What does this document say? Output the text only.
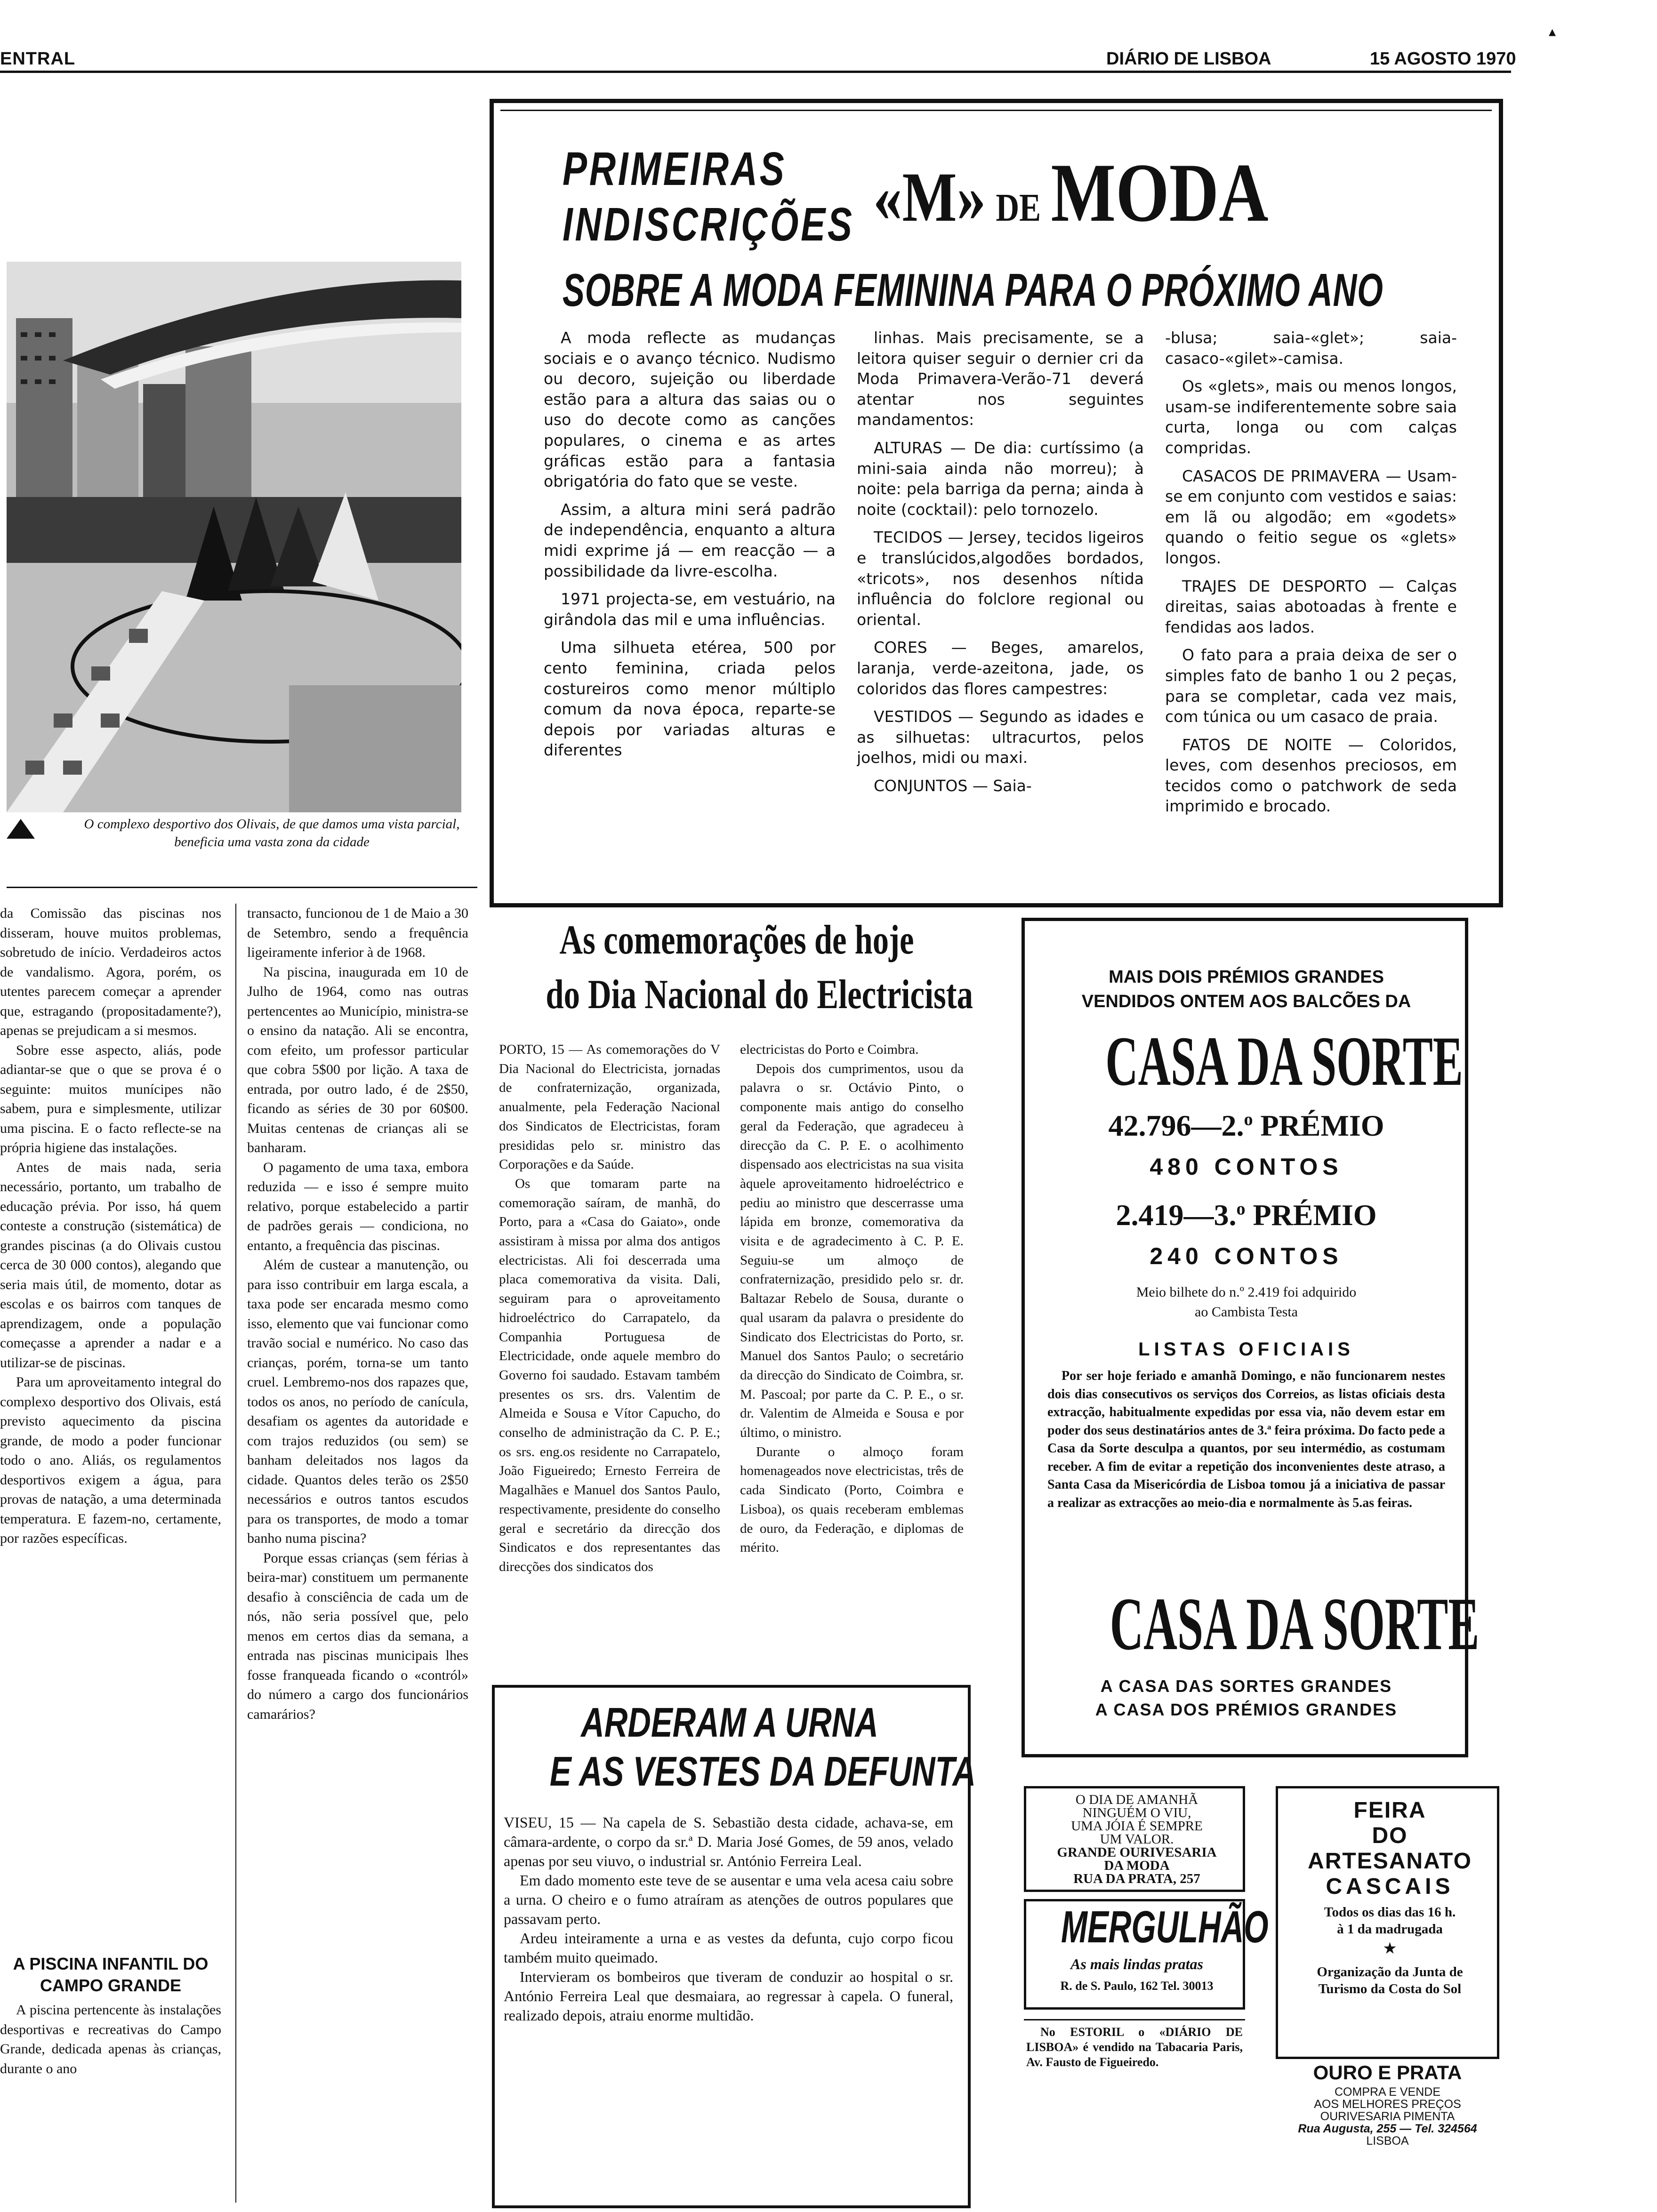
ENTRAL	DIÁRIO DE LISBOA	15 AGOSTO 1970
▴
O complexo desportivo dos Olivais, de que damos uma vista parcial, beneficia uma vasta zona da cidade
PRIMEIRAS
INDISCRIÇÕES «M» DE MODA
SOBRE A MODA FEMININA PARA O PRÓXIMO ANO

A moda reflecte as mudanças sociais e o avanço técnico. Nudismo ou decoro, sujeição ou liberdade estão para a altura das saias ou o uso do decote como as canções populares, o cinema e as artes gráficas estão para a fantasia obrigatória do fato que se veste.

Assim, a altura mini será padrão de independência, enquanto a altura midi exprime já — em reacção — a possibilidade da livre-escolha.

1971 projecta-se, em vestuário, na girândola das mil e uma influências.

Uma silhueta etérea, 500 por cento feminina, criada pelos costureiros como menor múltiplo comum da nova época, reparte-se depois por variadas alturas e diferentes

linhas. Mais precisamente, se a leitora quiser seguir o dernier cri da Moda Primavera-Verão-71 deverá atentar nos seguintes mandamentos:

ALTURAS — De dia: curtíssimo (a mini-saia ainda não morreu); à noite: pela barriga da perna; ainda à noite (cocktail): pelo tornozelo.

TECIDOS — Jersey, tecidos ligeiros e translúcidos,algodões bordados, «tricots», nos desenhos nítida influência do folclore regional ou oriental.

CORES — Beges, amarelos, laranja, verde-azeitona, jade, os coloridos das flores campestres:

VESTIDOS — Segundo as idades e as silhuetas: ultracurtos, pelos joelhos, midi ou maxi.

CONJUNTOS — Saia-

-blusa; saia-«glet»; saia-casaco-«gilet»-camisa.

Os «glets», mais ou menos longos, usam-se indiferentemente sobre saia curta, longa ou com calças compridas.

CASACOS DE PRIMAVERA — Usam-se em conjunto com vestidos e saias: em lã ou algodão; em «godets» quando o feitio segue os «glets» longos.

TRAJES DE DESPORTO — Calças direitas, saias abotoadas à frente e fendidas aos lados.

O fato para a praia deixa de ser o simples fato de banho 1 ou 2 peças, para se completar, cada vez mais, com túnica ou um casaco de praia.

FATOS DE NOITE — Coloridos, leves, com desenhos preciosos, em tecidos como o patchwork de seda imprimido e brocado.

da Comissão das piscinas nos disseram, houve muitos problemas, sobretudo de início. Verdadeiros actos de vandalismo. Agora, porém, os utentes parecem começar a aprender que, estragando (propositadamente?), apenas se prejudicam a si mesmos.

Sobre esse aspecto, aliás, pode adiantar-se que o que se prova é o seguinte: muitos munícipes não sabem, pura e simplesmente, utilizar uma piscina. E o facto reflecte-se na própria higiene das instalações.

Antes de mais nada, seria necessário, portanto, um trabalho de educação prévia. Por isso, há quem conteste a construção (sistemática) de grandes piscinas (a do Olivais custou cerca de 30 000 contos), alegando que seria mais útil, de momento, dotar as escolas e os bairros com tanques de aprendizagem, onde a população começasse a aprender a nadar e a utilizar-se de piscinas.

Para um aproveitamento integral do complexo desportivo dos Olivais, está previsto aquecimento da piscina grande, de modo a poder funcionar todo o ano. Aliás, os regulamentos desportivos exigem a água, para provas de natação, a uma determinada temperatura. E fazem-no, certamente, por razões específicas.

A PISCINA INFANTIL DO CAMPO GRANDE

A piscina pertencente às instalações desportivas e recreativas do Campo Grande, dedicada apenas às crianças, durante o ano

transacto, funcionou de 1 de Maio a 30 de Setembro, sendo a frequência ligeiramente inferior à de 1968.

Na piscina, inaugurada em 10 de Julho de 1964, como nas outras pertencentes ao Município, ministra-se o ensino da natação. Ali se encontra, com efeito, um professor particular que cobra 5$00 por lição. A taxa de entrada, por outro lado, é de 2$50, ficando as séries de 30 por 60$00. Muitas centenas de crianças ali se banharam.

O pagamento de uma taxa, embora reduzida — e isso é sempre muito relativo, porque estabelecido a partir de padrões gerais — condiciona, no entanto, a frequência das piscinas.

Além de custear a manutenção, ou para isso contribuir em larga escala, a taxa pode ser encarada mesmo como isso, elemento que vai funcionar como travão social e numérico. No caso das crianças, porém, torna-se um tanto cruel. Lembremo-nos dos rapazes que, todos os anos, no período de canícula, desafiam os agentes da autoridade e com trajos reduzidos (ou sem) se banham deleitados nos lagos da cidade. Quantos deles terão os 2$50 necessários e outros tantos escudos para os transportes, de modo a tomar banho numa piscina?

Porque essas crianças (sem férias à beira-mar) constituem um permanente desafio à consciência de cada um de nós, não seria possível que, pelo menos em certos dias da semana, a entrada nas piscinas municipais lhes fosse franqueada ficando o «contról» do número a cargo dos funcionários camarários?

As comemorações de hoje
do Dia Nacional do Electricista

PORTO, 15 — As comemorações do V Dia Nacional do Electricista, jornadas de confraternização, organizada, anualmente, pela Federação Nacional dos Sindicatos de Electricistas, foram presididas pelo sr. ministro das Corporações e da Saúde.

Os que tomaram parte na comemoração saíram, de manhã, do Porto, para a «Casa do Gaiato», onde assistiram à missa por alma dos antigos electricistas. Ali foi descerrada uma placa comemorativa da visita. Dali, seguiram para o aproveitamento hidroeléctrico do Carrapatelo, da Companhia Portuguesa de Electricidade, onde aquele membro do Governo foi saudado. Estavam também presentes os srs. drs. Valentim de Almeida e Sousa e Vítor Capucho, do conselho de administração da C. P. E.; os srs. eng.os residente no Carrapatelo, João Figueiredo; Ernesto Ferreira de Magalhães e Manuel dos Santos Paulo, respectivamente, presidente do conselho geral e secretário da direcção dos Sindicatos e dos representantes das direcções dos sindicatos dos

electricistas do Porto e Coimbra.

Depois dos cumprimentos, usou da palavra o sr. Octávio Pinto, o componente mais antigo do conselho geral da Federação, que agradeceu à direcção da C. P. E. o acolhimento dispensado aos electricistas na sua visita àquele aproveitamento hidroeléctrico e pediu ao ministro que descerrasse uma lápida em bronze, comemorativa da visita e de agradecimento à C. P. E. Seguiu-se um almoço de confraternização, presidido pelo sr. dr. Baltazar Rebelo de Sousa, durante o qual usaram da palavra o presidente do Sindicato dos Electricistas do Porto, sr. Manuel dos Santos Paulo; o secretário da direcção do Sindicato de Coimbra, sr. M. Pascoal; por parte da C. P. E., o sr. dr. Valentim de Almeida e Sousa e por último, o ministro.

Durante o almoço foram homenageados nove electricistas, três de cada Sindicato (Porto, Coimbra e Lisboa), os quais receberam emblemas de ouro, da Federação, e diplomas de mérito.

ARDERAM A URNA
E AS VESTES DA DEFUNTA

VISEU, 15 — Na capela de S. Sebastião desta cidade, achava-se, em câmara-ardente, o corpo da sr.ª D. Maria José Gomes, de 59 anos, velado apenas por seu viuvo, o industrial sr. António Ferreira Leal.

Em dado momento este teve de se ausentar e uma vela acesa caiu sobre a urna. O cheiro e o fumo atraíram as atenções de outros populares que passavam perto.

Ardeu inteiramente a urna e as vestes da defunta, cujo corpo ficou também muito queimado.

Intervieram os bombeiros que tiveram de conduzir ao hospital o sr. António Ferreira Leal que desmaiara, ao regressar à capela. O funeral, realizado depois, atraiu enorme multidão.

MAIS DOIS PRÉMIOS GRANDES
VENDIDOS ONTEM AOS BALCÕES DA
CASA DA SORTE
42.796—2.$^o$ PRÉMIO
480 CONTOS
2.419—3.$^o$ PRÉMIO
240 CONTOS
Meio bilhete do n.º 2.419 foi adquirido
ao Cambista Testa
LISTAS OFICIAIS
Por ser hoje feriado e amanhã Domingo, e não funcionarem nestes dois dias consecutivos os serviços dos Correios, as listas oficiais desta extracção, habitualmente expedidas por essa via, não devem estar em poder dos seus destinatários antes de 3.ª feira próxima. Do facto pede a Casa da Sorte desculpa a quantos, por seu intermédio, as costumam receber. A fim de evitar a repetição dos inconvenientes deste atraso, a Santa Casa da Misericórdia de Lisboa tomou já a iniciativa de passar a realizar as extracções ao meio-dia e normalmente às 5.as feiras.
CASA DA SORTE
A CASA DAS SORTES GRANDES
A CASA DOS PRÉMIOS GRANDES
O DIA DE AMANHÃ
NINGUÉM O VIU,
UMA JÓIA É SEMPRE
UM VALOR.
GRANDE OURIVESARIA
DA MODA
RUA DA PRATA, 257
MERGULHÃO
As mais lindas pratas
R. de S. Paulo, 162 Tel. 30013
No ESTORIL o «DIÁRIO DE LISBOA» é vendido na Tabacaria Paris, Av. Fausto de Figueiredo.
FEIRA
DO
ARTESANATO
CASCAIS
Todos os dias das 16 h.
à 1 da madrugada
★
Organização da Junta de
Turismo da Costa do Sol
OURO E PRATA
COMPRA E VENDE
AOS MELHORES PREÇOS
OURIVESARIA PIMENTA
Rua Augusta, 255 — Tel. 324564
LISBOA
